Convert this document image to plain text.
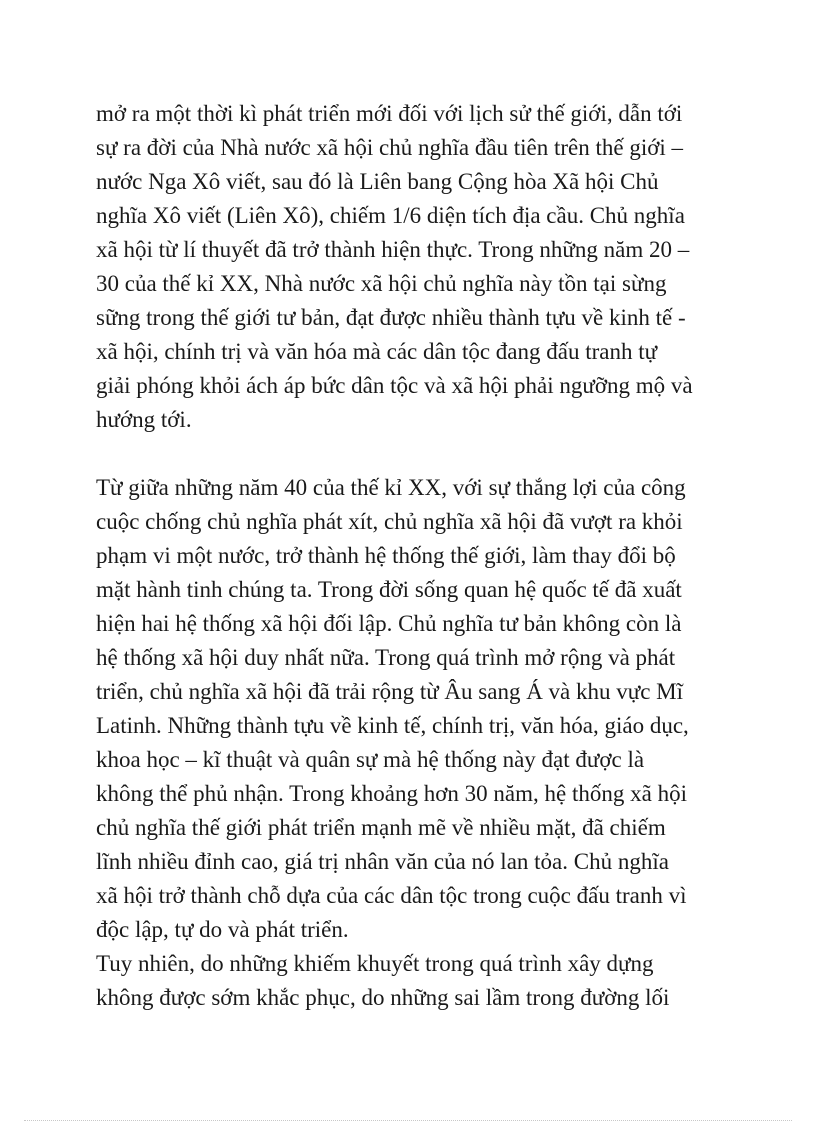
mở ra một thời kì phát triển mới đối với lịch sử thế giới, dẫn tới
sự ra đời của Nhà nước xã hội chủ nghĩa đầu tiên trên thế giới –
nước Nga Xô viết, sau đó là Liên bang Cộng hòa Xã hội Chủ
nghĩa Xô viết (Liên Xô), chiếm 1/6 diện tích địa cầu. Chủ nghĩa
xã hội từ lí thuyết đã trở thành hiện thực. Trong những năm 20 –
30 của thế kỉ XX, Nhà nước xã hội chủ nghĩa này tồn tại sừng
sững trong thế giới tư bản, đạt được nhiều thành tựu về kinh tế -
xã hội, chính trị và văn hóa mà các dân tộc đang đấu tranh tự
giải phóng khỏi ách áp bức dân tộc và xã hội phải ngưỡng mộ và
hướng tới.
Từ giữa những năm 40 của thế kỉ XX, với sự thắng lợi của công
cuộc chống chủ nghĩa phát xít, chủ nghĩa xã hội đã vượt ra khỏi
phạm vi một nước, trở thành hệ thống thế giới, làm thay đổi bộ
mặt hành tinh chúng ta. Trong đời sống quan hệ quốc tế đã xuất
hiện hai hệ thống xã hội đối lập. Chủ nghĩa tư bản không còn là
hệ thống xã hội duy nhất nữa. Trong quá trình mở rộng và phát
triển, chủ nghĩa xã hội đã trải rộng từ Âu sang Á và khu vực Mĩ
Latinh. Những thành tựu về kinh tế, chính trị, văn hóa, giáo dục,
khoa học – kĩ thuật và quân sự mà hệ thống này đạt được là
không thể phủ nhận. Trong khoảng hơn 30 năm, hệ thống xã hội
chủ nghĩa thế giới phát triển mạnh mẽ về nhiều mặt, đã chiếm
lĩnh nhiều đỉnh cao, giá trị nhân văn của nó lan tỏa. Chủ nghĩa
xã hội trở thành chỗ dựa của các dân tộc trong cuộc đấu tranh vì
độc lập, tự do và phát triển.
Tuy nhiên, do những khiếm khuyết trong quá trình xây dựng
không được sớm khắc phục, do những sai lầm trong đường lối
